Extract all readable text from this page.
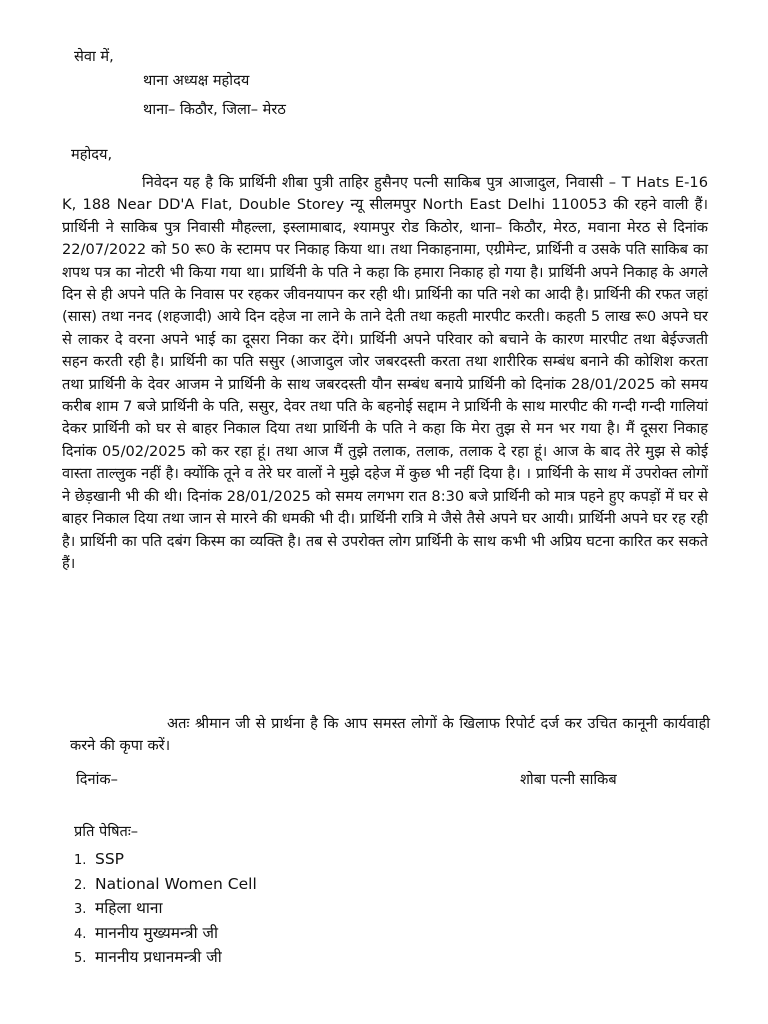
सेवा में,
थाना अध्यक्ष महोदय
थाना– किठौर, जिला– मेरठ
महोदय,
निवेदन यह है कि प्रार्थिनी शीबा पुत्री ताहिर हुसैनए पत्नी साकिब पुत्र आजादुल, निवासी – T Hats E-16 K, 188 Near DD'A Flat, Double Storey न्यू सीलमपुर North East Delhi 110053 की रहने वाली हैं। प्रार्थिनी ने साकिब पुत्र निवासी मौहल्ला, इस्लामाबाद, श्यामपुर रोड किठोर, थाना– किठौर, मेरठ, मवाना मेरठ से दिनांक 22/07/2022 को 50 रू0 के स्टामप पर निकाह किया था। तथा निकाहनामा, एग्रीमेन्ट, प्रार्थिनी व उसके पति साकिब का शपथ पत्र का नोटरी भी किया गया था। प्रार्थिनी के पति ने कहा कि हमारा निकाह हो गया है। प्रार्थिनी अपने निकाह के अगले दिन से ही अपने पति के निवास पर रहकर जीवनयापन कर रही थी। प्रार्थिनी का पति नशे का आदी है। प्रार्थिनी की रफत जहां (सास) तथा ननद (शहजादी) आये दिन दहेज ना लाने के ताने देती तथा कहती मारपीट करती। कहती 5 लाख रू0 अपने घर से लाकर दे वरना अपने भाई का दूसरा निका कर देंगे। प्रार्थिनी अपने परिवार को बचाने के कारण मारपीट तथा बेईज्जती सहन करती रही है। प्रार्थिनी का पति ससुर (आजादुल जोर जबरदस्ती करता तथा शारीरिक सम्बंध बनाने की कोशिश करता तथा प्रार्थिनी के देवर आजम ने प्रार्थिनी के साथ जबरदस्ती यौन सम्बंध बनाये प्रार्थिनी को दिनांक 28/01/2025 को समय करीब शाम 7 बजे प्रार्थिनी के पति, ससुर, देवर तथा पति के बहनोई सद्दाम ने प्रार्थिनी के साथ मारपीट की गन्दी गन्दी गालियां देकर प्रार्थिनी को घर से बाहर निकाल दिया तथा प्रार्थिनी के पति ने कहा कि मेरा तुझ से मन भर गया है। मैं दूसरा निकाह दिनांक 05/02/2025 को कर रहा हूं। तथा आज मैं तुझे तलाक, तलाक, तलाक दे रहा हूं। आज के बाद तेरे मुझ से कोई वास्ता ताल्लुक नहीं है। क्योंकि तूने व तेरे घर वालों ने मुझे दहेज में कुछ भी नहीं दिया है। । प्रार्थिनी के साथ में उपरोक्त लोगों ने छेड़खानी भी की थी। दिनांक 28/01/2025 को समय लगभग रात 8:30 बजे प्रार्थिनी को मात्र पहने हुए कपड़ों में घर से बाहर निकाल दिया तथा जान से मारने की धमकी भी दी। प्रार्थिनी रात्रि मे जैसे तैसे अपने घर आयी। प्रार्थिनी अपने घर रह रही है। प्रार्थिनी का पति दबंग किस्म का व्यक्ति है। तब से उपरोक्त लोग प्रार्थिनी के साथ कभी भी अप्रिय घटना कारित कर सकते हैं।
अतः श्रीमान जी से प्रार्थना है कि आप समस्त लोगों के खिलाफ रिपोर्ट दर्ज कर उचित कानूनी कार्यवाही करने की कृपा करें।
दिनांक–	शोबा पत्नी साकिब
प्रति पेषितः–
1. SSP
2. National Women Cell
3. महिला थाना
4. माननीय मुख्यमन्त्री जी
5. माननीय प्रधानमन्त्री जी
